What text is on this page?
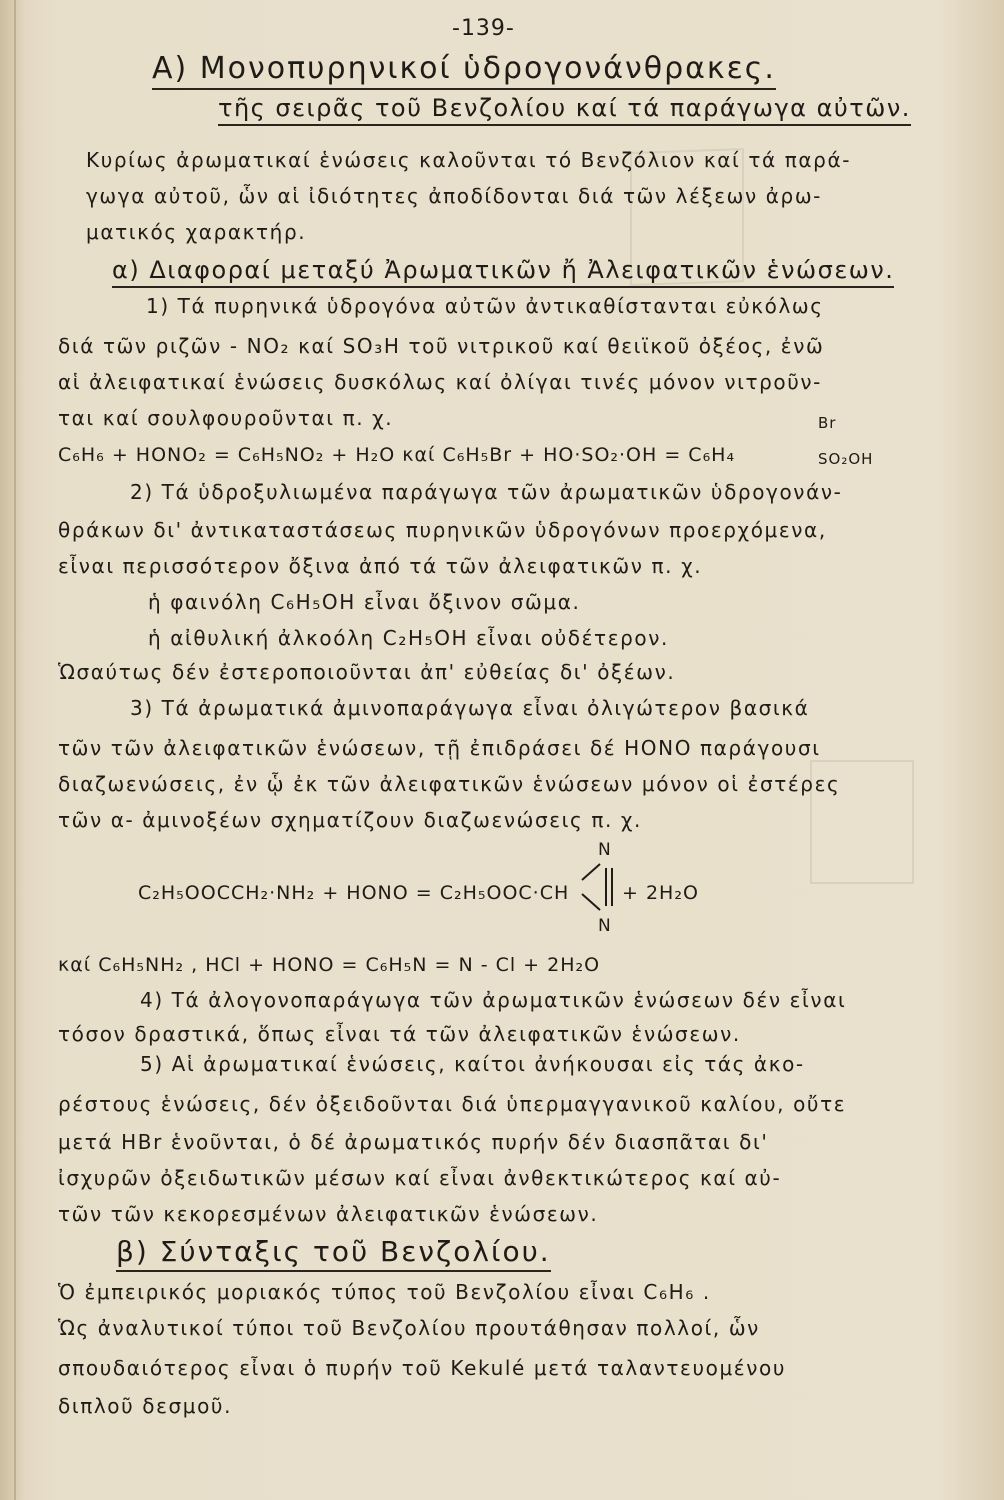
-139-
A) Μονοπυρηνικοί ὑδρογονάνθρακες.
τῆς σειρᾶς τοῦ Βενζολίου καί τά παράγωγα αὐτῶν.
Κυρίως ἀρωματικαί ἑνώσεις καλοῦνται τό Βενζόλιον καί τά παρά-
γωγα αὐτοῦ, ὧν αἱ ἰδιότητες ἀποδίδονται διά τῶν λέξεων ἀρω-
ματικός χαρακτήρ.
α) Διαφοραί μεταξύ Ἀρωματικῶν ἤ Ἀλειφατικῶν ἑνώσεων.
1) Τά πυρηνικά ὑδρογόνα αὐτῶν ἀντικαθίστανται εὐκόλως
διά τῶν ριζῶν - NO₂ καί SO₃H τοῦ νιτρικοῦ καί θειϊκοῦ ὀξέος, ἐνῶ
αἱ ἀλειφατικαί ἑνώσεις δυσκόλως καί ὀλίγαι τινές μόνον νιτροῦν-
ται καί σουλφουροῦνται π. χ.
C₆H₆ + HONO₂ = C₆H₅NO₂ + H₂O καί C₆H₅Br + HO·SO₂·OH = C₆H₄
Br
SO₂OH
2) Τά ὑδροξυλιωμένα παράγωγα τῶν ἀρωματικῶν ὑδρογονάν-
θράκων δι' ἀντικαταστάσεως πυρηνικῶν ὑδρογόνων προερχόμενα,
εἶναι περισσότερον ὄξινα ἀπό τά τῶν ἀλειφατικῶν π. χ.
ἡ φαινόλη C₆H₅OH εἶναι ὄξινον σῶμα.
ἡ αἰθυλική ἀλκοόλη C₂H₅OH εἶναι οὐδέτερον.
Ὡσαύτως δέν ἐστεροποιοῦνται ἀπ' εὐθείας δι' ὀξέων.
3) Τά ἀρωματικά ἀμινοπαράγωγα εἶναι ὀλιγώτερον βασικά
τῶν τῶν ἀλειφατικῶν ἑνώσεων, τῇ ἐπιδράσει δέ HONO παράγουσι
διαζωενώσεις, ἐν ᾧ ἐκ τῶν ἀλειφατικῶν ἑνώσεων μόνον οἱ ἐστέρες
τῶν α- ἀμινοξέων σχηματίζουν διαζωενώσεις π. χ.
N
C₂H₅OOCCH₂·NH₂ + HONO = C₂H₅OOC·CH	+ 2H₂O
N
καί C₆H₅NH₂ , HCl + HONO = C₆H₅N = N - Cl + 2H₂O
4) Τά ἀλογονοπαράγωγα τῶν ἀρωματικῶν ἑνώσεων δέν εἶναι
τόσον δραστικά, ὅπως εἶναι τά τῶν ἀλειφατικῶν ἑνώσεων.
5) Αἱ ἀρωματικαί ἑνώσεις, καίτοι ἀνήκουσαι εἰς τάς ἀκο-
ρέστους ἑνώσεις, δέν ὀξειδοῦνται διά ὑπερμαγγανικοῦ καλίου, οὔτε
μετά HBr ἑνοῦνται, ὁ δέ ἀρωματικός πυρήν δέν διασπᾶται δι'
ἰσχυρῶν ὀξειδωτικῶν μέσων καί εἶναι ἀνθεκτικώτερος καί αὐ-
τῶν τῶν κεκορεσμένων ἀλειφατικῶν ἑνώσεων.
β) Σύνταξις τοῦ Βενζολίου.
Ὁ ἐμπειρικός μοριακός τύπος τοῦ Βενζολίου εἶναι C₆H₆ .
Ὡς ἀναλυτικοί τύποι τοῦ Βενζολίου προυτάθησαν πολλοί, ὧν
σπουδαιότερος εἶναι ὁ πυρήν τοῦ Kekulé μετά ταλαντευομένου
διπλοῦ δεσμοῦ.
